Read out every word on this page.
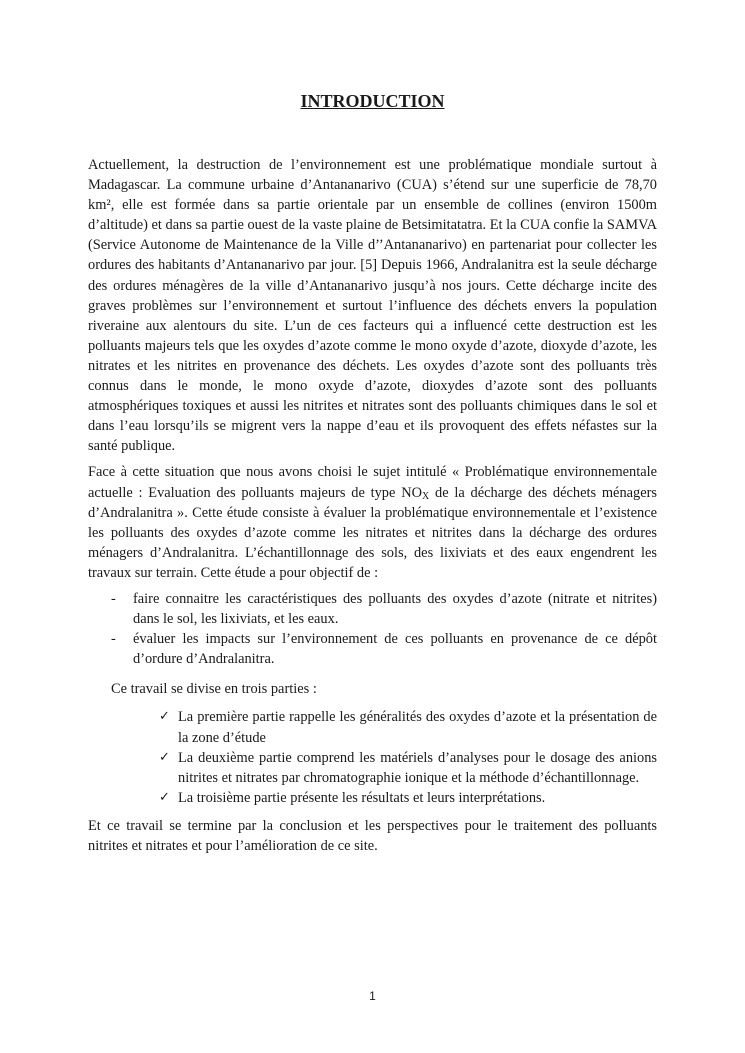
INTRODUCTION

Actuellement, la destruction de l’environnement est une problématique mondiale surtout à Madagascar. La commune urbaine d’Antananarivo (CUA) s’étend sur une superficie de 78,70 km², elle est formée dans sa partie orientale par un ensemble de collines (environ 1500m d’altitude) et dans sa partie ouest de la vaste plaine de Betsimitatatra. Et la CUA confie la SAMVA (Service Autonome de Maintenance de la Ville d’’Antananarivo) en partenariat pour collecter les ordures des habitants d’Antananarivo par jour. [5] Depuis 1966, Andralanitra est la seule décharge des ordures ménagères de la ville d’Antananarivo jusqu’à nos jours. Cette décharge incite des graves problèmes sur l’environnement et surtout l’influence des déchets envers la population riveraine aux alentours du site. L’un de ces facteurs qui a influencé cette destruction est les polluants majeurs tels que les oxydes d’azote comme le mono oxyde d’azote, dioxyde d’azote, les nitrates et les nitrites en provenance des déchets. Les oxydes d’azote sont des polluants très connus dans le monde, le mono oxyde d’azote, dioxydes d’azote sont des polluants atmosphériques toxiques et aussi les nitrites et nitrates sont des polluants chimiques dans le sol et dans l’eau lorsqu’ils se migrent vers la nappe d’eau et ils provoquent des effets néfastes sur la santé publique.

Face à cette situation que nous avons choisi le sujet intitulé « Problématique environnementale actuelle : Evaluation des polluants majeurs de type $NO_X$ de la décharge des déchets ménagers d’Andralanitra ». Cette étude consiste à évaluer la problématique environnementale et l’existence les polluants des oxydes d’azote comme les nitrates et nitrites dans la décharge des ordures ménagers d’Andralanitra. L’échantillonnage des sols, des lixiviats et des eaux engendrent les travaux sur terrain. Cette étude a pour objectif de :

- faire connaitre les caractéristiques des polluants des oxydes d’azote (nitrate et nitrites) dans le sol, les lixiviats, et les eaux.
- évaluer les impacts sur l’environnement de ces polluants en provenance de ce dépôt d’ordure d’Andralanitra.

Ce travail se divise en trois parties :

✓ La première partie rappelle les généralités des oxydes d’azote et la présentation de la zone d’étude
✓ La deuxième partie comprend les matériels d’analyses pour le dosage des anions nitrites et nitrates par chromatographie ionique et la méthode d’échantillonnage.
✓ La troisième partie présente les résultats et leurs interprétations.

Et ce travail se termine par la conclusion et les perspectives pour le traitement des polluants nitrites et nitrates et pour l’amélioration de ce site.

1
